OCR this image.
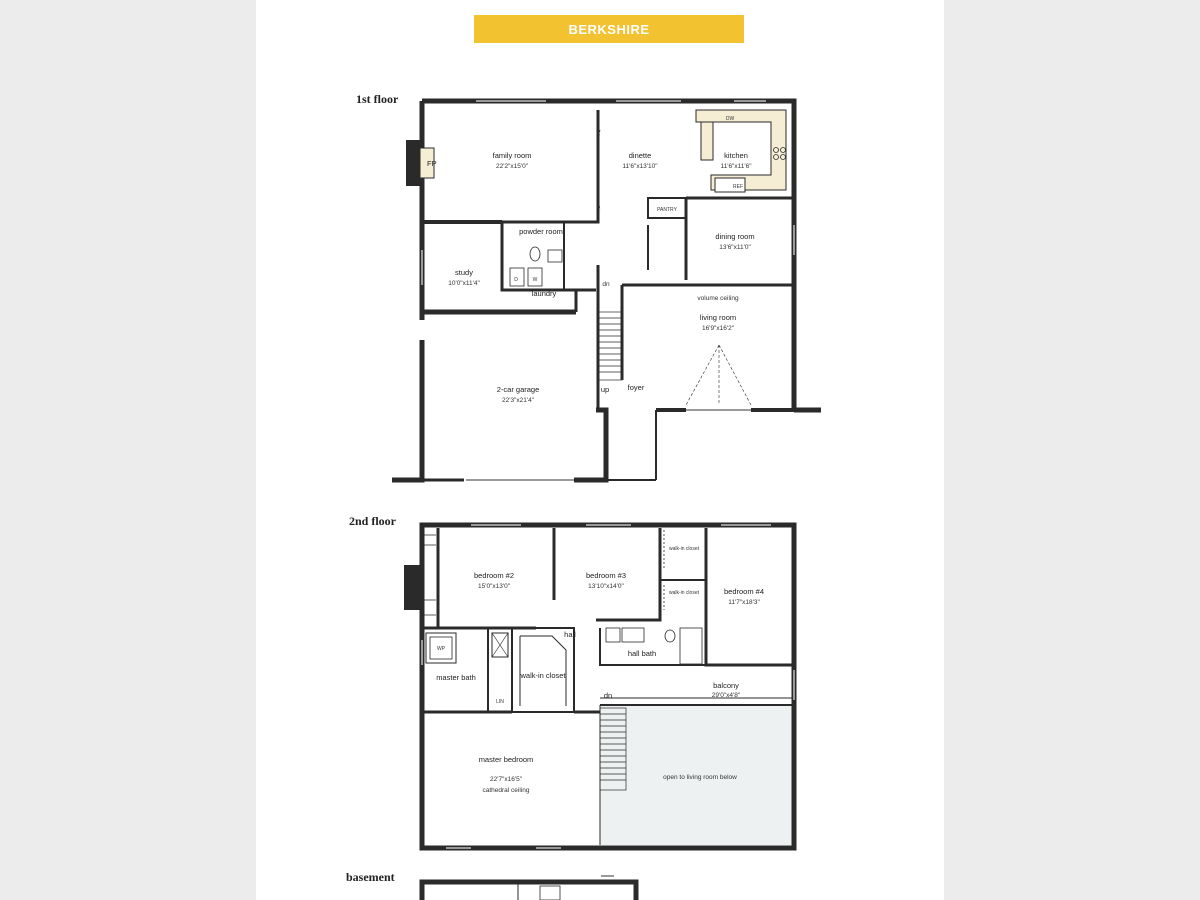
BERKSHIRE
1st floor
2nd floor
basement
family room
22'2"x15'0"
dinette
11'6"x13'10"
kitchen
11'6"x11'6"
DW
REF
FP
powder room
PANTRY
dining room
13'6"x11'0"
study
10'0"x11'4"	D	W
laundry
dn
volume ceiling
living room
16'9"x16'2"
2-car garage
22'3"x21'4"
up foyer
bedroom #2
15'0"x13'0"
bedroom #3
13'10"x14'0"
walk-in closet
walk-in closet	bedroom #4
11'7"x18'3"
hall
hall bath
WP
master bath
LIN
walk-in closet
balcony
29'0"x4'8"
dn
master bedroom
22'7"x16'5"
cathedral ceiling
open to living room below
